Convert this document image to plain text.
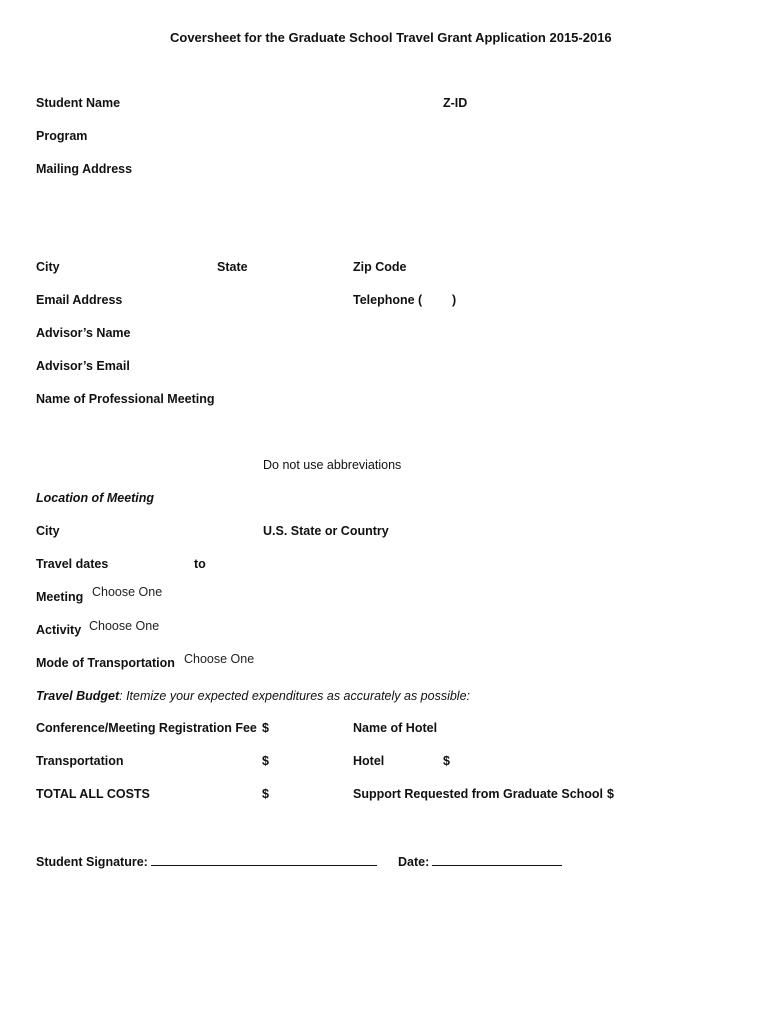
Coversheet for the Graduate School Travel Grant Application 2015-2016
Student Name	Z-ID
Program
Mailing Address
City	State	Zip Code
Email Address	Telephone ( )
Advisor’s Name
Advisor’s Email
Name of Professional Meeting
Do not use abbreviations
Location of Meeting
City	U.S. State or Country
Travel dates	to
Meeting Choose One
Activity Choose One
Mode of Transportation Choose One
Travel Budget: Itemize your expected expenditures as accurately as possible:
Conference/Meeting Registration Fee $	Name of Hotel
Transportation	$	Hotel	$
TOTAL ALL COSTS	$	Support Requested from Graduate School $
Student Signature:	Date:
